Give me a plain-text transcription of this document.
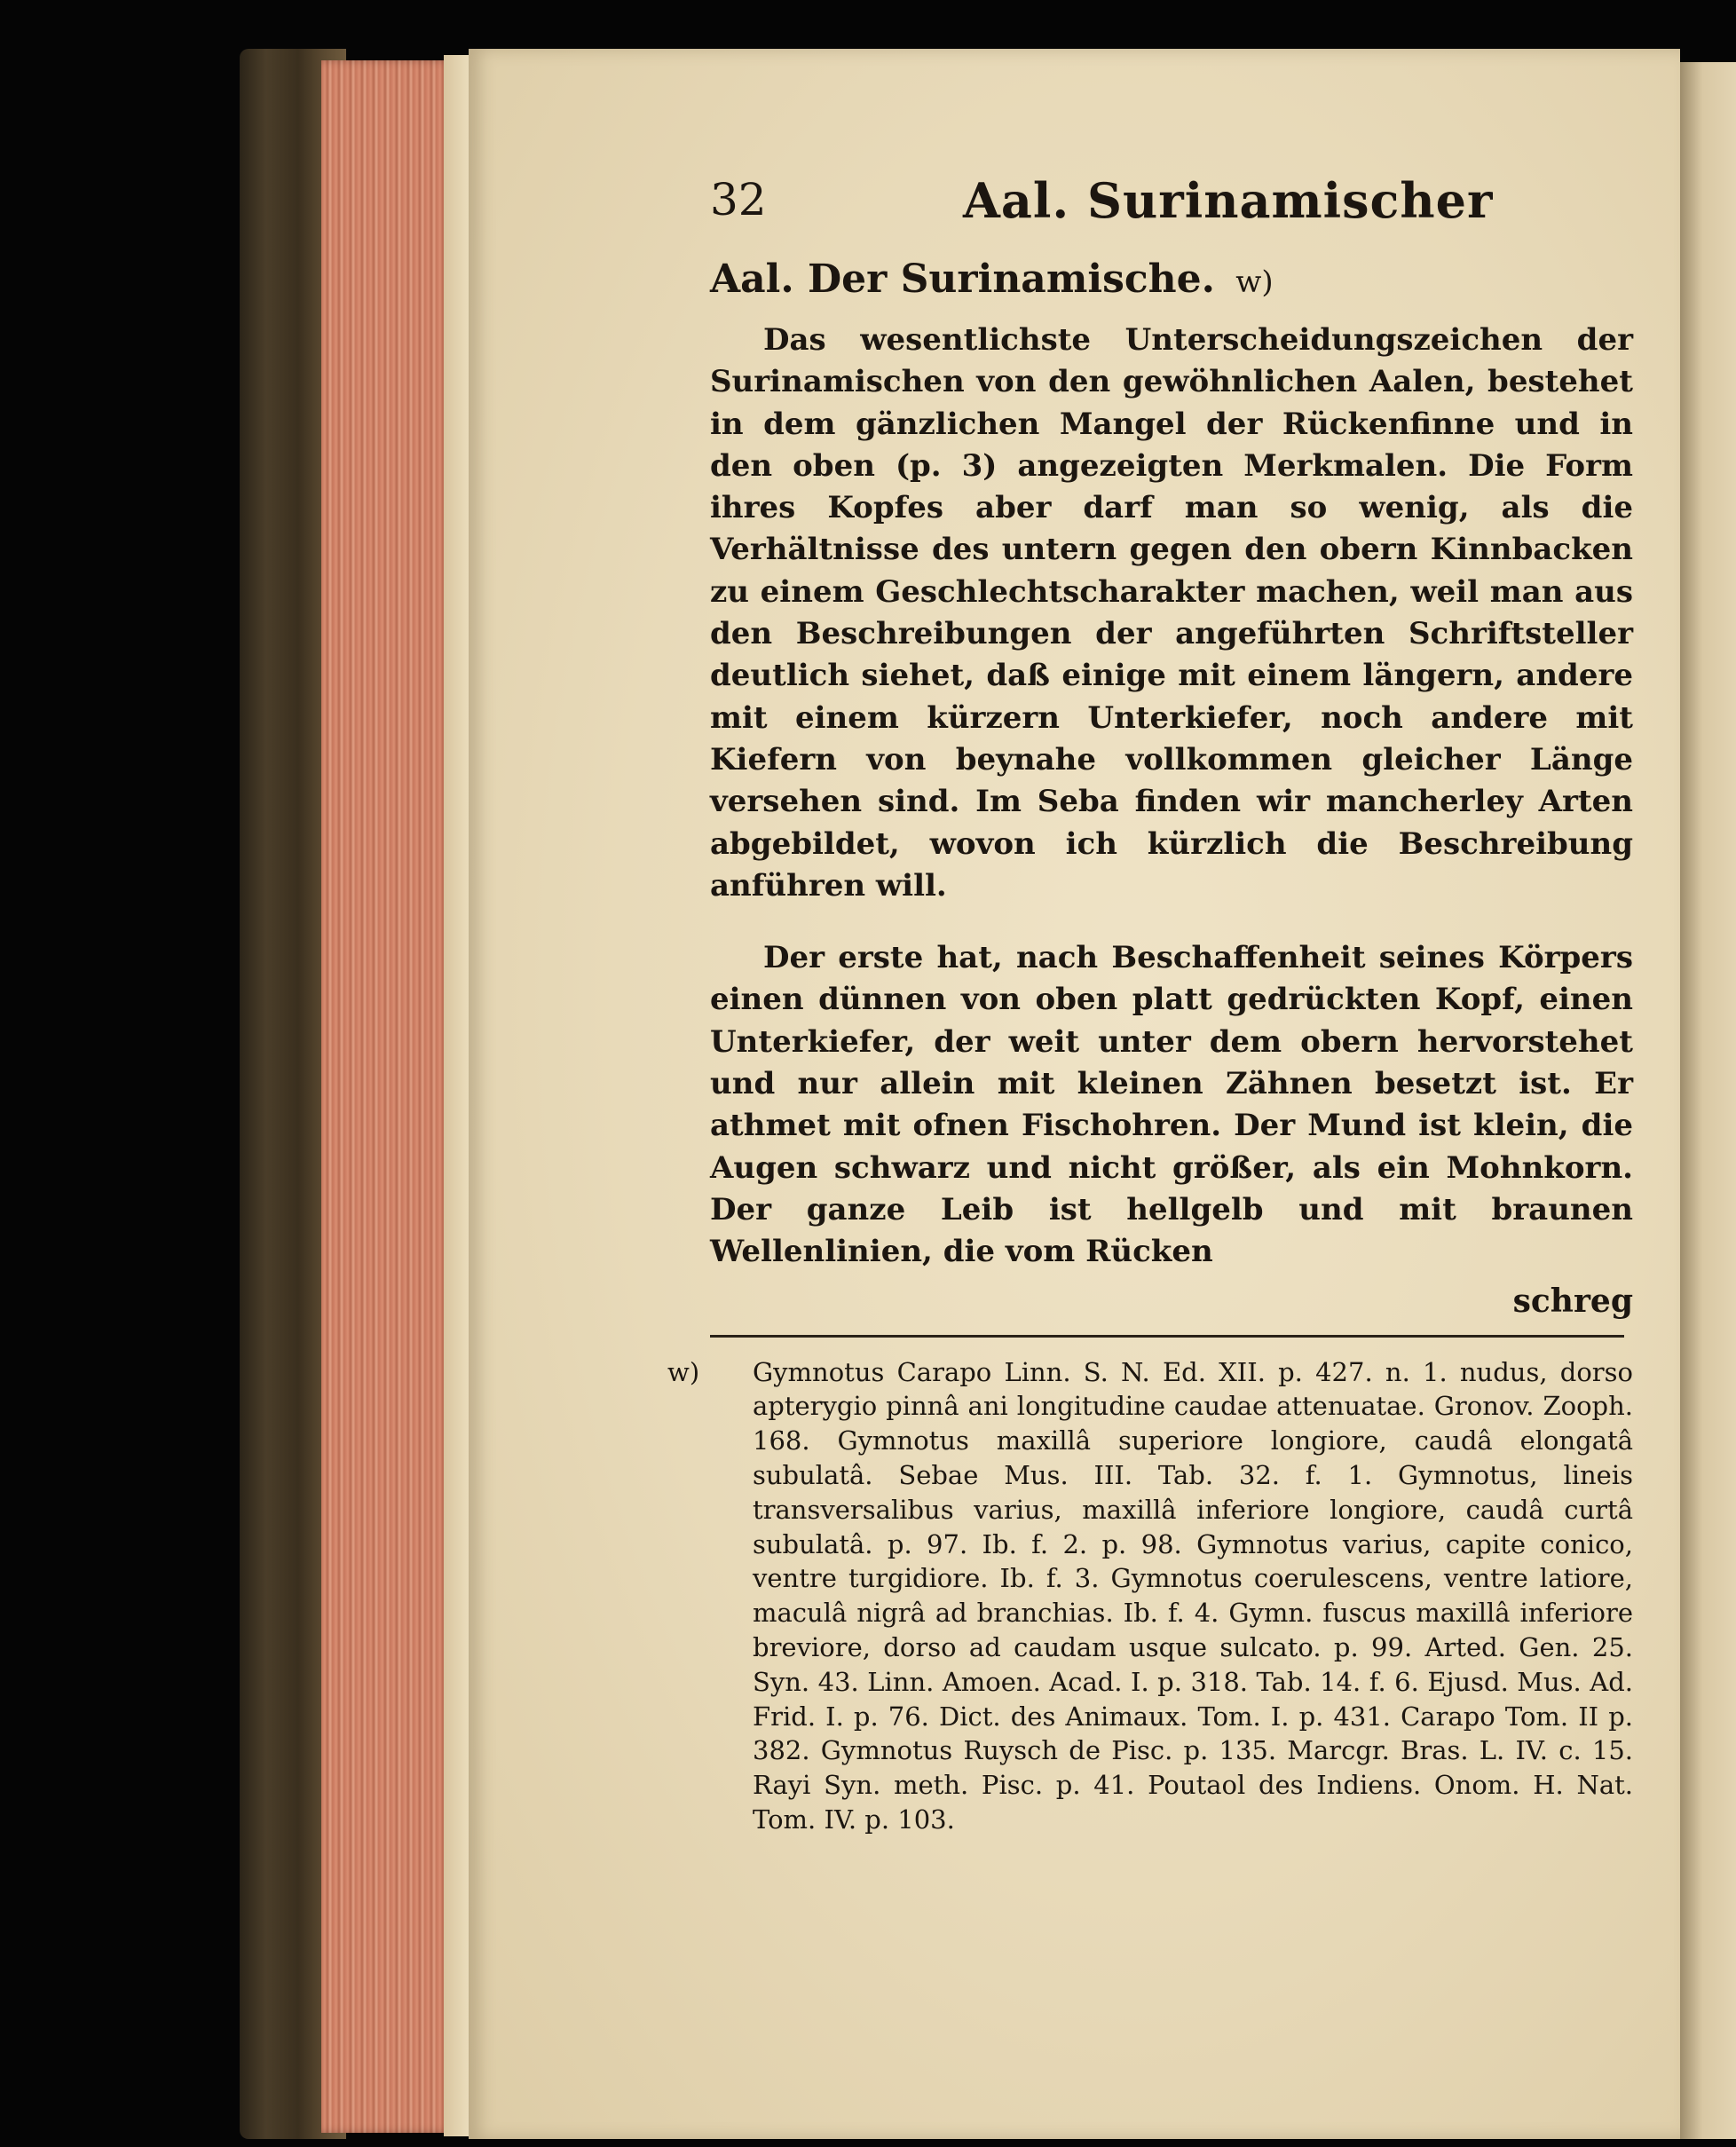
32	Aal. Surinamischer
Aal. Der Surinamische. w)

Das wesentlichste Unterscheidungszeichen der Surinamischen von den gewöhnlichen Aalen, bestehet in dem gänzlichen Mangel der Rückenfinne und in den oben (p. 3) angezeigten Merkmalen. Die Form ihres Kopfes aber darf man so wenig, als die Verhältnisse des untern gegen den obern Kinnbacken zu einem Geschlechtscharakter machen, weil man aus den Beschreibungen der angeführten Schriftsteller deutlich siehet, daß einige mit einem längern, andere mit einem kürzern Unterkiefer, noch andere mit Kiefern von beynahe vollkommen gleicher Länge versehen sind. Im Seba finden wir mancherley Arten abgebildet, wovon ich kürzlich die Beschreibung anführen will.

Der erste hat, nach Beschaffenheit seines Körpers einen dünnen von oben platt gedrückten Kopf, einen Unterkiefer, der weit unter dem obern hervorstehet und nur allein mit kleinen Zähnen besetzt ist. Er athmet mit ofnen Fischohren. Der Mund ist klein, die Augen schwarz und nicht größer, als ein Mohnkorn. Der ganze Leib ist hellgelb und mit braunen Wellenlinien, die vom Rücken

schreg
w) Gymnotus Carapo Linn. S. N. Ed. XII. p. 427. n. 1. nudus, dorso apterygio pinnâ ani longitudine caudae attenuatae. Gronov. Zooph. 168. Gymnotus maxillâ superiore longiore, caudâ elongatâ subulatâ. Sebae Mus. III. Tab. 32. f. 1. Gymnotus, lineis transversalibus varius, maxillâ inferiore longiore, caudâ curtâ subulatâ. p. 97. Ib. f. 2. p. 98. Gymnotus varius, capite conico, ventre turgidiore. Ib. f. 3. Gymnotus coerulescens, ventre latiore, maculâ nigrâ ad branchias. Ib. f. 4. Gymn. fuscus maxillâ inferiore breviore, dorso ad caudam usque sulcato. p. 99. Arted. Gen. 25. Syn. 43. Linn. Amoen. Acad. I. p. 318. Tab. 14. f. 6. Ejusd. Mus. Ad. Frid. I. p. 76. Dict. des Animaux. Tom. I. p. 431. Carapo Tom. II p. 382. Gymnotus Ruysch de Pisc. p. 135. Marcgr. Bras. L. IV. c. 15. Rayi Syn. meth. Pisc. p. 41. Poutaol des Indiens. Onom. H. Nat. Tom. IV. p. 103.
